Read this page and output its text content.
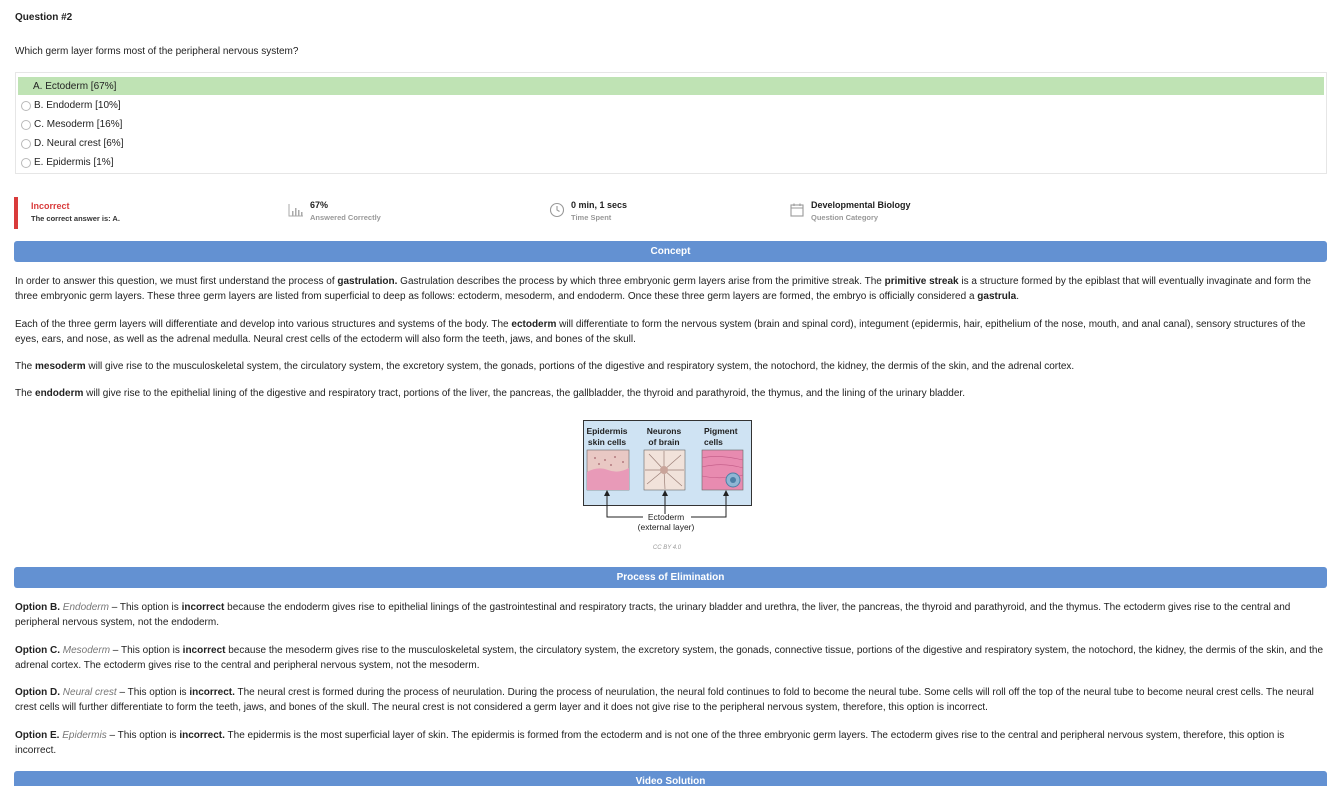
Question #2
Which germ layer forms most of the peripheral nervous system?
A. Ectoderm [67%]
B. Endoderm [10%]
C. Mesoderm [16%]
D. Neural crest [6%]
E. Epidermis [1%]
Incorrect
The correct answer is: A.
67%
Answered Correctly
0 min, 1 secs
Time Spent
Developmental Biology
Question Category
Concept
In order to answer this question, we must first understand the process of gastrulation. Gastrulation describes the process by which three embryonic germ layers arise from the primitive streak. The primitive streak is a structure formed by the epiblast that will eventually invaginate and form the three embryonic germ layers. These three germ layers are listed from superficial to deep as follows: ectoderm, mesoderm, and endoderm. Once these three germ layers are formed, the embryo is officially considered a gastrula.
Each of the three germ layers will differentiate and develop into various structures and systems of the body. The ectoderm will differentiate to form the nervous system (brain and spinal cord), integument (epidermis, hair, epithelium of the nose, mouth, and anal canal), sensory structures of the eyes, ears, and nose, as well as the adrenal medulla. Neural crest cells of the ectoderm will also form the teeth, jaws, and bones of the skull.
The mesoderm will give rise to the musculoskeletal system, the circulatory system, the excretory system, the gonads, portions of the digestive and respiratory system, the notochord, the kidney, the dermis of the skin, and the adrenal cortex.
The endoderm will give rise to the epithelial lining of the digestive and respiratory tract, portions of the liver, the pancreas, the gallbladder, the thyroid and parathyroid, the thymus, and the lining of the urinary bladder.
Epidermis
skin cells
Neurons
of brain
Pigment
cells
Ectoderm
(external layer)
CC BY 4.0
Process of Elimination
Option B. Endoderm – This option is incorrect because the endoderm gives rise to epithelial linings of the gastrointestinal and respiratory tracts, the urinary bladder and urethra, the liver, the pancreas, the thyroid and parathyroid, and the thymus. The ectoderm gives rise to the central and peripheral nervous system, not the endoderm.
Option C. Mesoderm – This option is incorrect because the mesoderm gives rise to the musculoskeletal system, the circulatory system, the excretory system, the gonads, connective tissue, portions of the digestive and respiratory system, the notochord, the kidney, the dermis of the skin, and the adrenal cortex. The ectoderm gives rise to the central and peripheral nervous system, not the mesoderm.
Option D. Neural crest – This option is incorrect. The neural crest is formed during the process of neurulation. During the process of neurulation, the neural fold continues to fold to become the neural tube. Some cells will roll off the top of the neural tube to become neural crest cells. The neural crest cells will further differentiate to form the teeth, jaws, and bones of the skull. The neural crest is not considered a germ layer and it does not give rise to the peripheral nervous system, therefore, this option is incorrect.
Option E. Epidermis – This option is incorrect. The epidermis is the most superficial layer of skin. The epidermis is formed from the ectoderm and is not one of the three embryonic germ layers. The ectoderm gives rise to the central and peripheral nervous system, therefore, this option is incorrect.
Video Solution
